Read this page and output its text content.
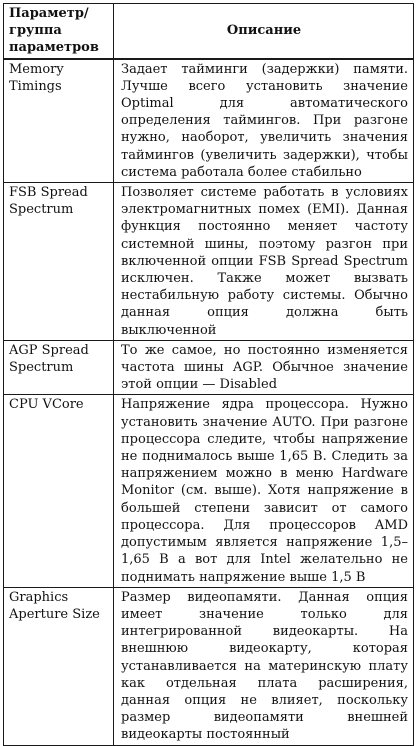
Параметр/ группа параметров	Описание
Memory Timings	Задает тайминги (задержки) памяти. Лучше всего установить значение Optimal для автоматического определения таймингов. При разгоне нужно, наоборот, увеличить значения таймингов (увеличить задержки), чтобы система работала более стабильно
FSB Spread Spectrum	Позволяет системе работать в условиях электромагнитных помех (EMI). Данная функция постоянно меняет частоту системной шины, поэтому разгон при включенной опции FSB Spread Spectrum исключен. Также может вызвать нестабильную работу системы. Обычно данная опция должна быть выключенной
AGP Spread Spectrum	То же самое, но постоянно изменяется частота шины AGP. Обычное значение этой опции — Disabled
CPU VCore	Напряжение ядра процессора. Нужно установить значение AUTO. При разгоне процессора следите, чтобы напряжение не поднималось выше 1,65 В. Следить за напряжением можно в меню Hardware Monitor (см. выше). Хотя напряжение в большей степени зависит от самого процессора. Для процессоров AMD допустимым является напряжение 1,5–1,65 В а вот для Intel желательно не поднимать напряжение выше 1,5 В
Graphics Aperture Size	Размер видеопамяти. Данная опция имеет значение только для интегрированной видеокарты. На внешнюю видеокарту, которая устанавливается на материнскую плату как отдельная плата расширения, данная опция не влияет, поскольку размер видеопамяти внешней видеокарты постоянный
